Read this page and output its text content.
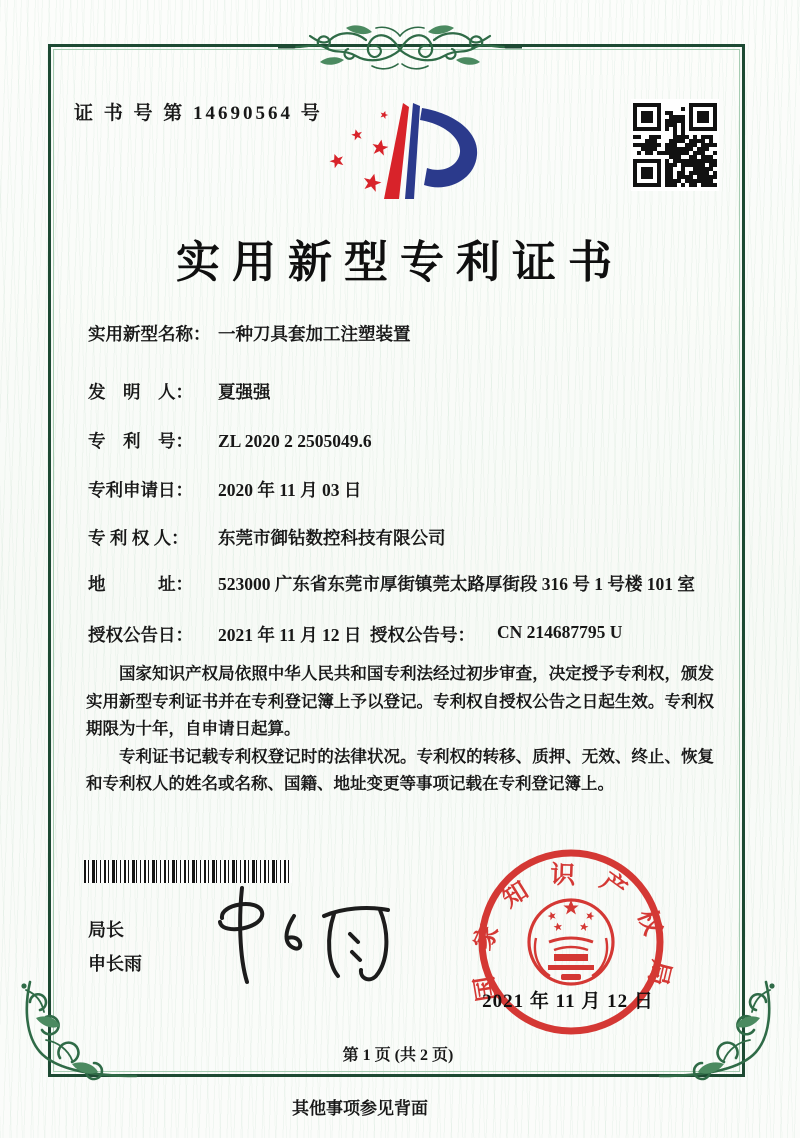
证 书 号 第 14690564 号
实用新型专利证书
实用新型名称： 一种刀具套加工注塑装置
发　明　人：	夏强强
专　利　号：	ZL 2020 2 2505049.6
专利申请日：	2020 年 11 月 03 日
专 利 权 人：	东莞市御钻数控科技有限公司
地　　　址：	523000 广东省东莞市厚街镇莞太路厚街段 316 号 1 号楼 101 室
授权公告日： 2021 年 11 月 12 日 授权公告号： CN 214687795 U

国家知识产权局依照中华人民共和国专利法经过初步审查，决定授予专利权，颁发实用新型专利证书并在专利登记簿上予以登记。专利权自授权公告之日起生效。专利权期限为十年，自申请日起算。

专利证书记载专利权登记时的法律状况。专利权的转移、质押、无效、终止、恢复和专利权人的姓名或名称、国籍、地址变更等事项记载在专利登记簿上。

局长
申长雨	国家知识产权局
2021 年 11 月 12 日
第 1 页 (共 2 页)
其他事项参见背面
